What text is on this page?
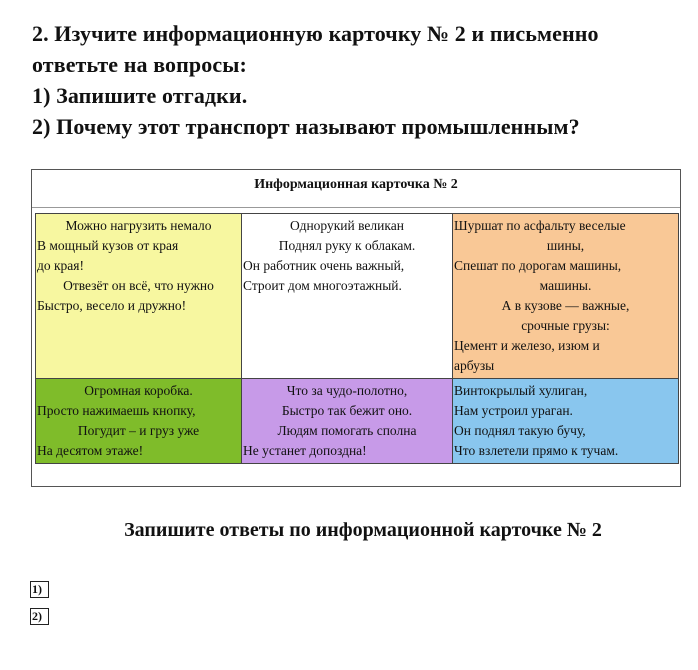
2. Изучите информационную карточку № 2 и письменно
ответьте на вопросы:
1) Запишите отгадки.
2) Почему этот транспорт называют промышленным?
Информационная карточка № 2
Можно нагрузить немало
В мощный кузов от края
до края!
Отвезёт он всё, что нужно
Быстро, весело и дружно!
Однорукий великан
Поднял руку к облакам.
Он работник очень важный,
Строит дом многоэтажный.
Шуршат по асфальту веселые
шины,
Спешат по дорогам машины,
машины.
А в кузове — важные,
срочные грузы:
Цемент и железо, изюм и
арбузы
Огромная коробка.
Просто нажимаешь кнопку,
Погудит – и груз уже
На десятом этаже!
Что за чудо-полотно,
Быстро так бежит оно.
Людям помогать сполна
Не устанет допоздна!
Винтокрылый хулиган,
Нам устроил ураган.
Он поднял такую бучу,
Что взлетели прямо к тучам.
Запишите ответы по информационной карточке № 2
1)
2)
